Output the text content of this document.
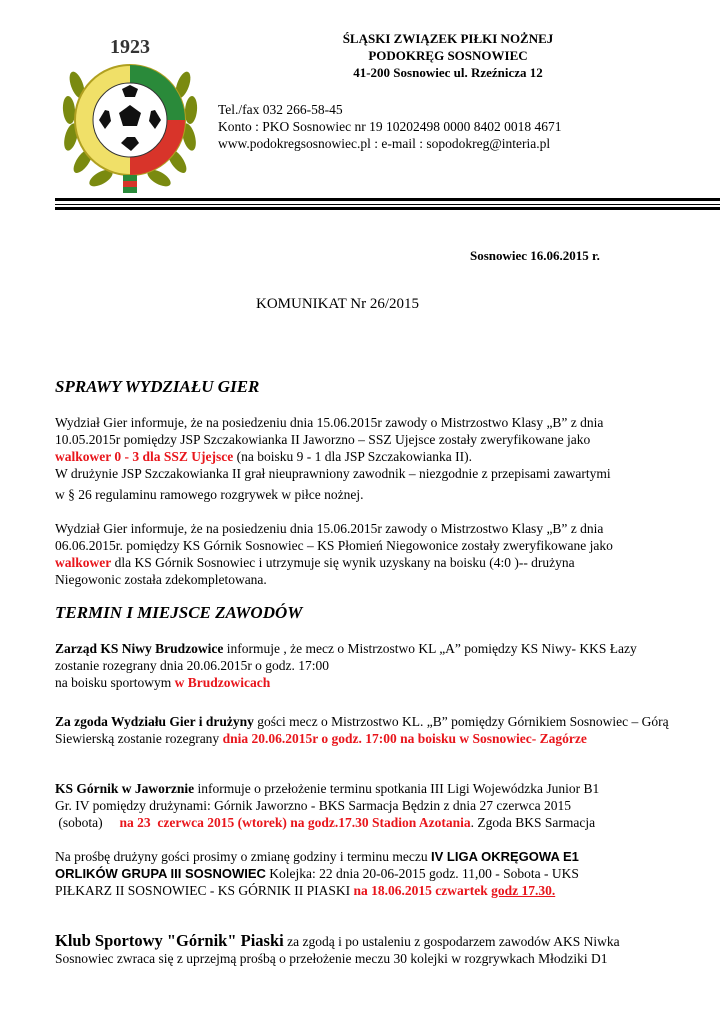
1923	ŚLĄSKI ZWIĄZEK PIŁKI NOŻNEJ
PODOKRĘG SOSNOWIEC
41-200 Sosnowiec ul. Rzeźnicza 12
Tel./fax 032 266-58-45
Konto : PKO Sosnowiec nr 19 10202498 0000 8402 0018 4671
www.podokregsosnowiec.pl : e-mail : sopodokreg@interia.pl
Sosnowiec 16.06.2015 r.
KOMUNIKAT Nr 26/2015
SPRAWY WYDZIAŁU GIER
Wydział Gier informuje, że na posiedzeniu dnia 15.06.2015r zawody o Mistrzostwo Klasy „B” z dnia
10.05.2015r pomiędzy JSP Szczakowianka II Jaworzno – SSZ Ujejsce zostały zweryfikowane jako
walkower 0 - 3 dla SSZ Ujejsce (na boisku 9 - 1 dla JSP Szczakowianka II).
W drużynie JSP Szczakowianka II grał nieuprawniony zawodnik – niezgodnie z przepisami zawartymi
w § 26 regulaminu ramowego rozgrywek w piłce nożnej.
Wydział Gier informuje, że na posiedzeniu dnia 15.06.2015r zawody o Mistrzostwo Klasy „B” z dnia
06.06.2015r. pomiędzy KS Górnik Sosnowiec – KS Płomień Niegowonice zostały zweryfikowane jako
walkower dla KS Górnik Sosnowiec i utrzymuje się wynik uzyskany na boisku (4:0 )-- drużyna
Niegowonic została zdekompletowana.
TERMIN I MIEJSCE ZAWODÓW
Zarząd KS Niwy Brudzowice informuje , że mecz o Mistrzostwo KL „A” pomiędzy KS Niwy- KKS Łazy
zostanie rozegrany dnia 20.06.2015r o godz. 17:00
na boisku sportowym w Brudzowicach
Za zgoda Wydziału Gier i drużyny gości mecz o Mistrzostwo KL. „B” pomiędzy Górnikiem Sosnowiec – Górą
Siewierską zostanie rozegrany dnia 20.06.2015r o godz. 17:00 na boisku w Sosnowiec- Zagórze
KS Górnik w Jaworznie informuje o przełożenie terminu spotkania III Ligi Wojewódzka Junior B1
Gr. IV pomiędzy drużynami: Górnik Jaworzno - BKS Sarmacja Będzin z dnia 27 czerwca 2015
(sobota)     na 23  czerwca 2015 (wtorek) na godz.17.30 Stadion Azotania. Zgoda BKS Sarmacja
Na prośbę drużyny gości prosimy o zmianę godziny i terminu meczu IV LIGA OKRĘGOWA E1
ORLIKÓW GRUPA III SOSNOWIEC Kolejka: 22 dnia 20-06-2015 godz. 11,00 - Sobota - UKS
PIŁKARZ II SOSNOWIEC - KS GÓRNIK II PIASKI na 18.06.2015 czwartek godz 17.30.
Klub Sportowy "Górnik" Piaski za zgodą i po ustaleniu z gospodarzem zawodów AKS Niwka
Sosnowiec zwraca się z uprzejmą prośbą o przełożenie meczu 30 kolejki w rozgrywkach Młodziki D1
